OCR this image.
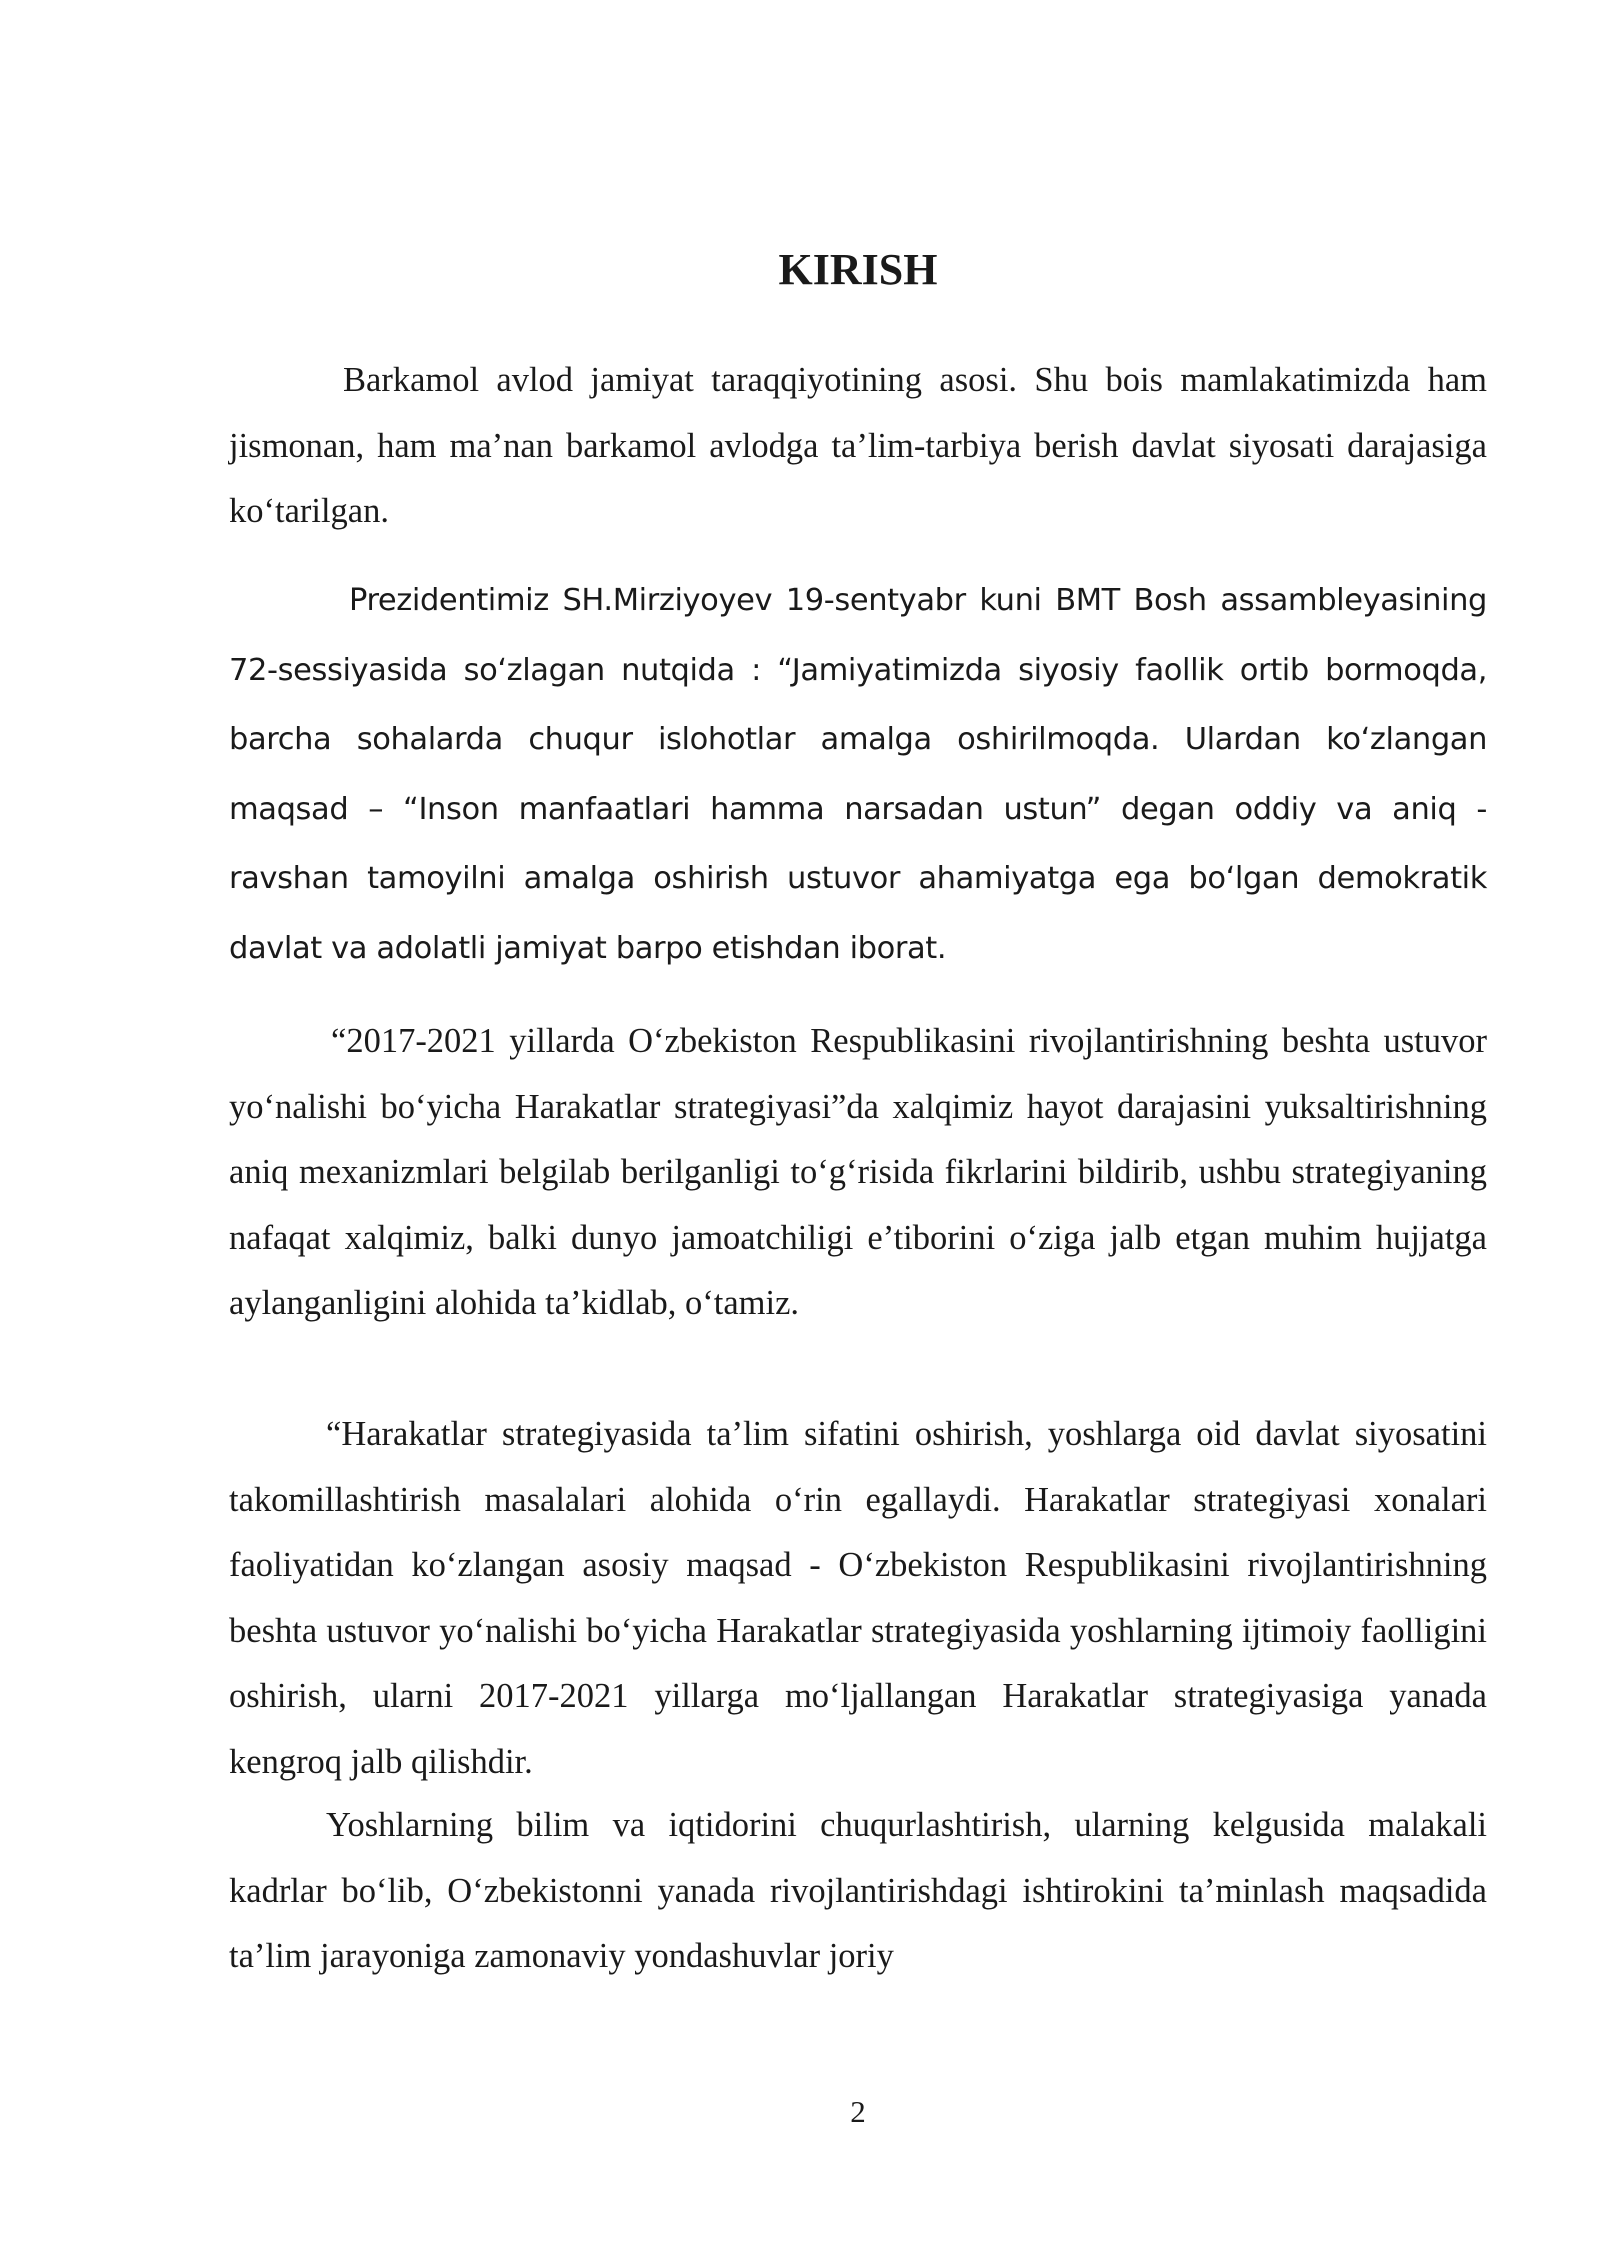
KIRISH

Barkamol avlod jamiyat taraqqiyotining asosi. Shu bois mamlakatimizda ham jismonan, ham ma’nan barkamol avlodga ta’lim-tarbiya berish davlat siyosati darajasiga ko‘tarilgan.

Prezidentimiz SH.Mirziyoyev 19-sentyabr kuni BMT Bosh assambleyasining 72-sessiyasida so‘zlagan nutqida : “Jamiyatimizda siyosiy faollik ortib bormoqda, barcha sohalarda chuqur islohotlar amalga oshirilmoqda. Ulardan ko‘zlangan maqsad – “Inson manfaatlari hamma narsadan ustun” degan oddiy va aniq - ravshan tamoyilni amalga oshirish ustuvor ahamiyatga ega bo‘lgan demokratik davlat va adolatli jamiyat barpo etishdan iborat.

“2017-2021 yillarda O‘zbekiston Respublikasini rivojlantirishning beshta ustuvor yo‘nalishi bo‘yicha Harakatlar strategiyasi”da xalqimiz hayot darajasini yuksaltirishning aniq mexanizmlari belgilab berilganligi to‘g‘risida fikrlarini bildirib, ushbu strategiyaning nafaqat xalqimiz, balki dunyo jamoatchiligi e’tiborini o‘ziga jalb etgan muhim hujjatga aylanganligini alohida ta’kidlab, o‘tamiz.

“Harakatlar strategiyasida ta’lim sifatini oshirish, yoshlarga oid davlat siyosatini takomillashtirish masalalari alohida o‘rin egallaydi. Harakatlar strategiyasi xonalari faoliyatidan ko‘zlangan asosiy maqsad - O‘zbekiston Respublikasini rivojlantirishning beshta ustuvor yo‘nalishi bo‘yicha Harakatlar strategiyasida yoshlarning ijtimoiy faolligini oshirish, ularni 2017-2021 yillarga mo‘ljallangan Harakatlar strategiyasiga yanada kengroq jalb qilishdir.

Yoshlarning bilim va iqtidorini chuqurlashtirish, ularning kelgusida malakali kadrlar bo‘lib, O‘zbekistonni yanada rivojlantirishdagi ishtirokini ta’minlash maqsadida ta’lim jarayoniga zamonaviy yondashuvlar joriy

2
